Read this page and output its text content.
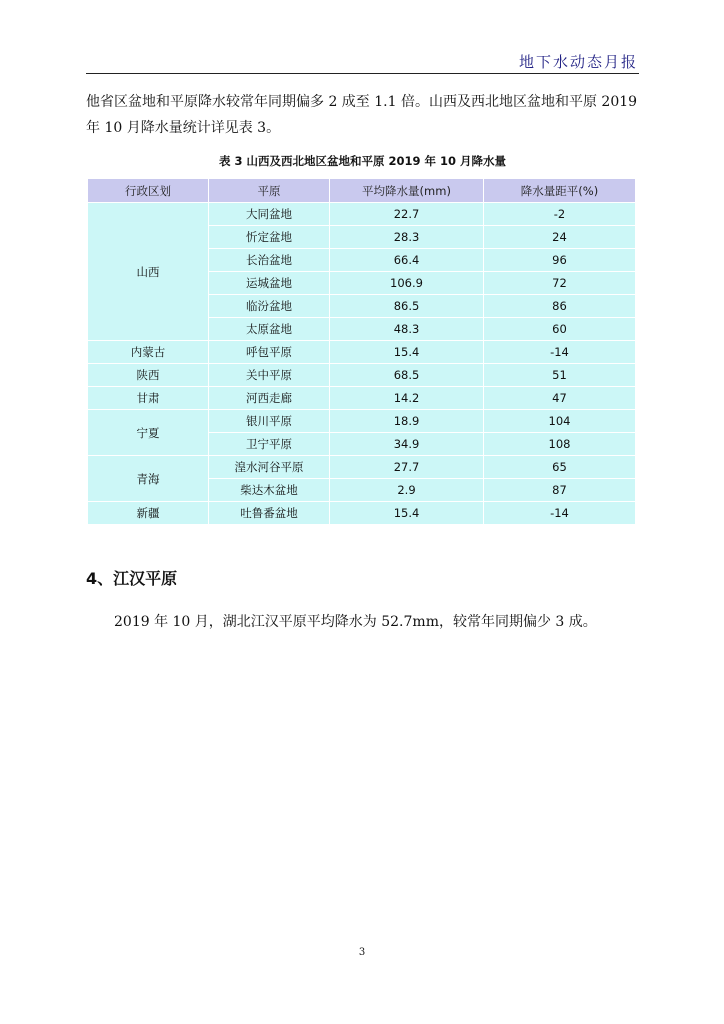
地下水动态月报

他省区盆地和平原降水较常年同期偏多 2 成至 1.1 倍。山西及西北地区盆地和平原 2019 年 10 月降水量统计详见表 3。

表 3 山西及西北地区盆地和平原 2019 年 10 月降水量
行政区划	平原	平均降水量(mm)	降水量距平(%)
山西	大同盆地	22.7	-2
	忻定盆地	28.3	24
	长治盆地	66.4	96
	运城盆地	106.9	72
	临汾盆地	86.5	86
	太原盆地	48.3	60
内蒙古	呼包平原	15.4	-14
陕西	关中平原	68.5	51
甘肃	河西走廊	14.2	47
宁夏	银川平原	18.9	104
	卫宁平原	34.9	108
青海	湟水河谷平原	27.7	65
	柴达木盆地	2.9	87
新疆	吐鲁番盆地	15.4	-14
4、江汉平原

2019 年 10 月，湖北江汉平原平均降水为 52.7mm，较常年同期偏少 3 成。

3
